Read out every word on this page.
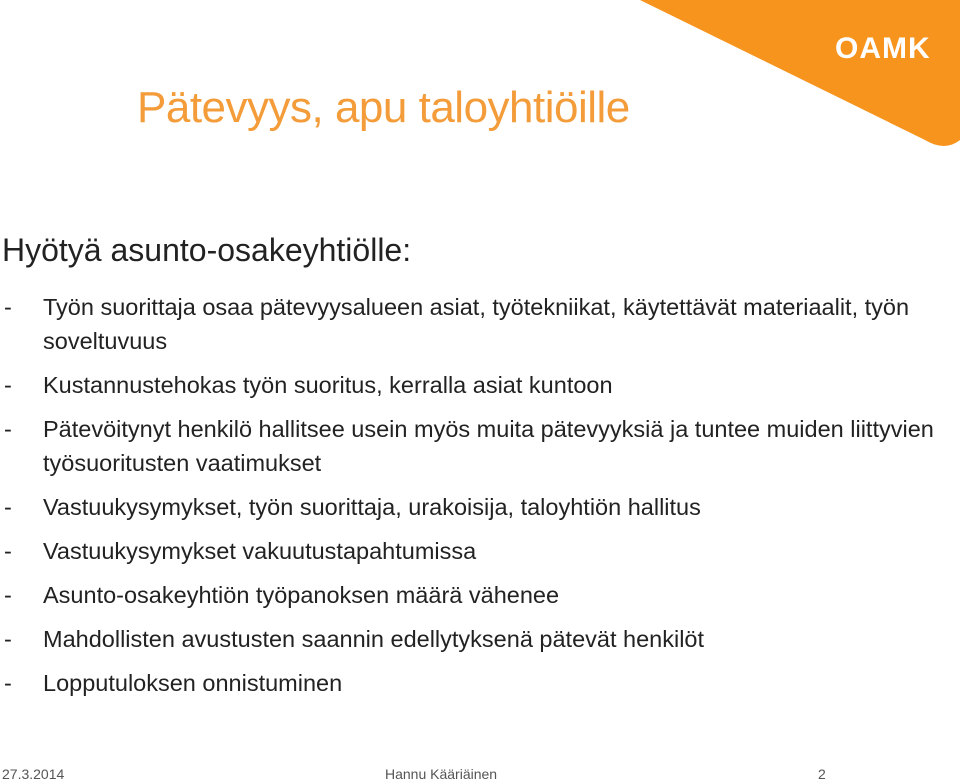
OAMK
Pätevyys, apu taloyhtiöille
Hyötyä asunto-osakeyhtiölle:
- Työn suorittaja osaa pätevyysalueen asiat, työtekniikat, käytettävät materiaalit, työn soveltuvuus
- Kustannustehokas työn suoritus, kerralla asiat kuntoon
- Pätevöitynyt henkilö hallitsee usein myös muita pätevyyksiä ja tuntee muiden liittyvien työsuoritusten vaatimukset
- Vastuukysymykset, työn suorittaja, urakoisija, taloyhtiön hallitus
- Vastuukysymykset vakuutustapahtumissa
- Asunto-osakeyhtiön työpanoksen määrä vähenee
- Mahdollisten avustusten saannin edellytyksenä pätevät henkilöt
- Lopputuloksen onnistuminen
27.3.2014	Hannu Kääriäinen	2
